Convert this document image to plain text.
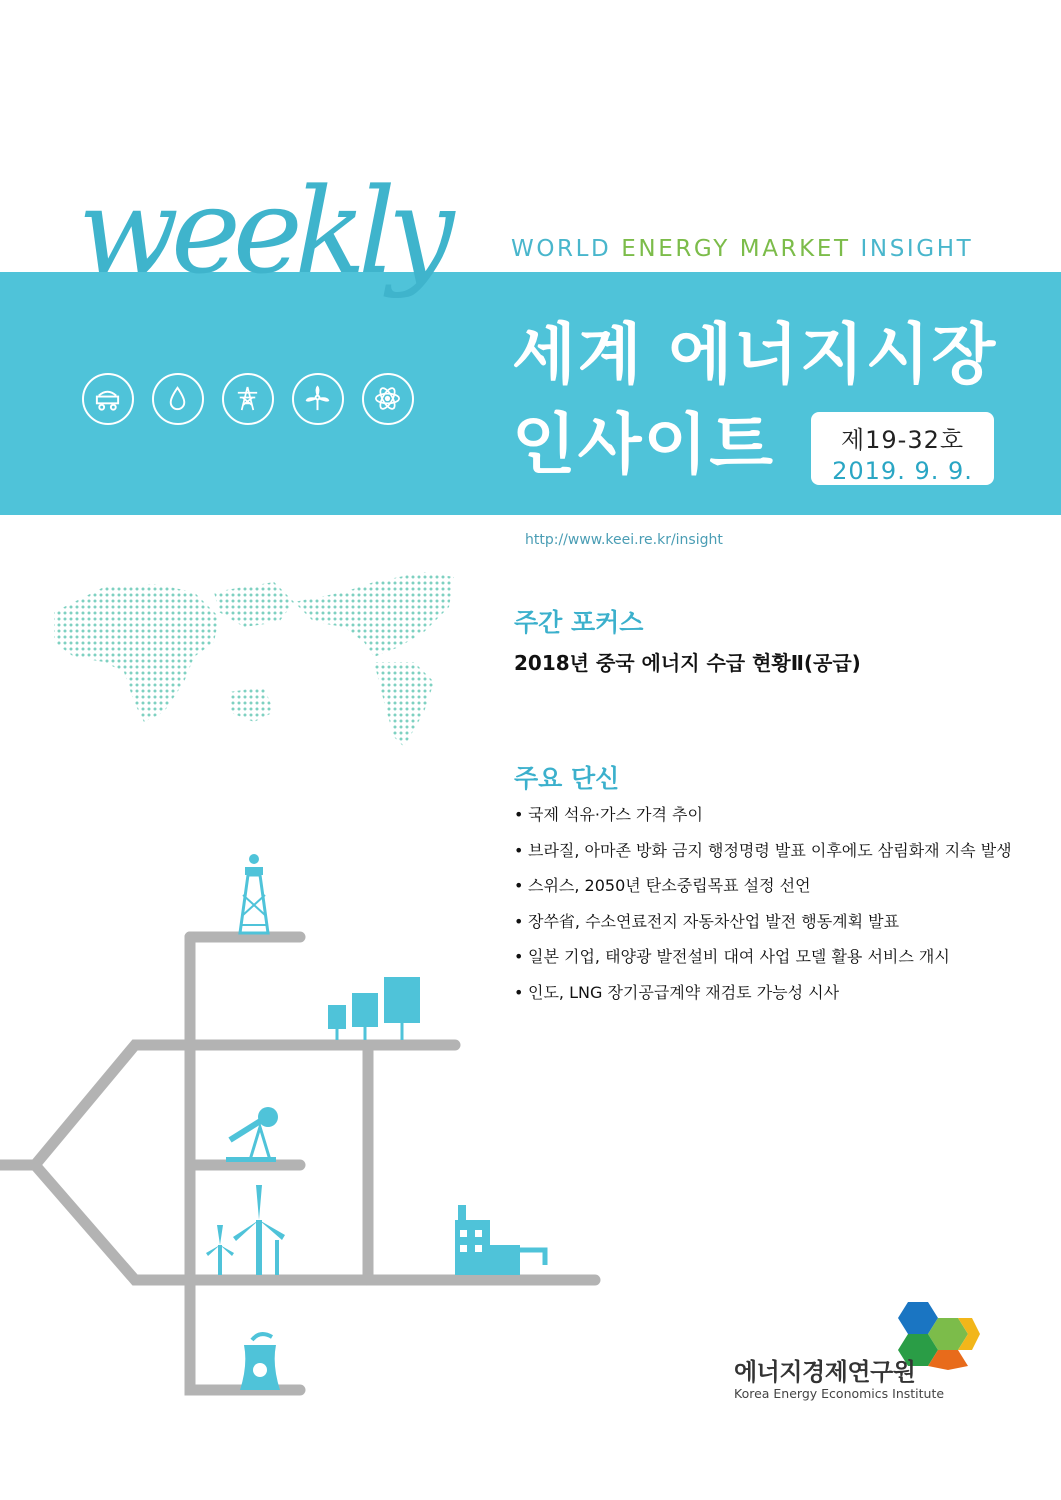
weekly	WORLD ENERGY MARKET INSIGHT
세계 에너지시장
인사이트	제19-32호
2019. 9. 9.
http://www.keei.re.kr/insight
주간 포커스
2018년 중국 에너지 수급 현황Ⅱ(공급)
주요 단신
• 국제 석유·가스 가격 추이
• 브라질, 아마존 방화 금지 행정명령 발표 이후에도 삼림화재 지속 발생
• 스위스, 2050년 탄소중립목표 설정 선언
• 장쑤省, 수소연료전지 자동차산업 발전 행동계획 발표
• 일본 기업, 태양광 발전설비 대여 사업 모델 활용 서비스 개시
• 인도, LNG 장기공급계약 재검토 가능성 시사
에너지경제연구원
Korea Energy Economics Institute
